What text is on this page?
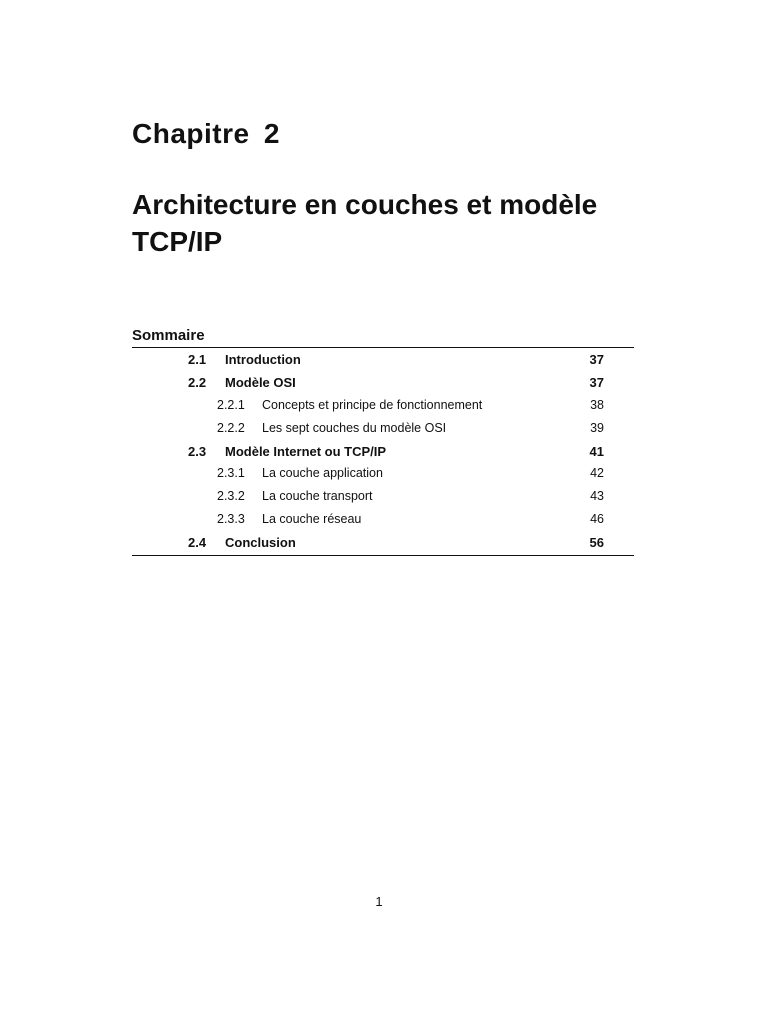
Chapitre 2
Architecture en couches et modèle TCP/IP
Sommaire
2.1 Introduction	37
2.2 Modèle OSI	37
2.2.1 Concepts et principe de fonctionnement	38
2.2.2 Les sept couches du modèle OSI	39
2.3 Modèle Internet ou TCP/IP	41
2.3.1 La couche application	42
2.3.2 La couche transport	43
2.3.3 La couche réseau	46
2.4 Conclusion	56
1
